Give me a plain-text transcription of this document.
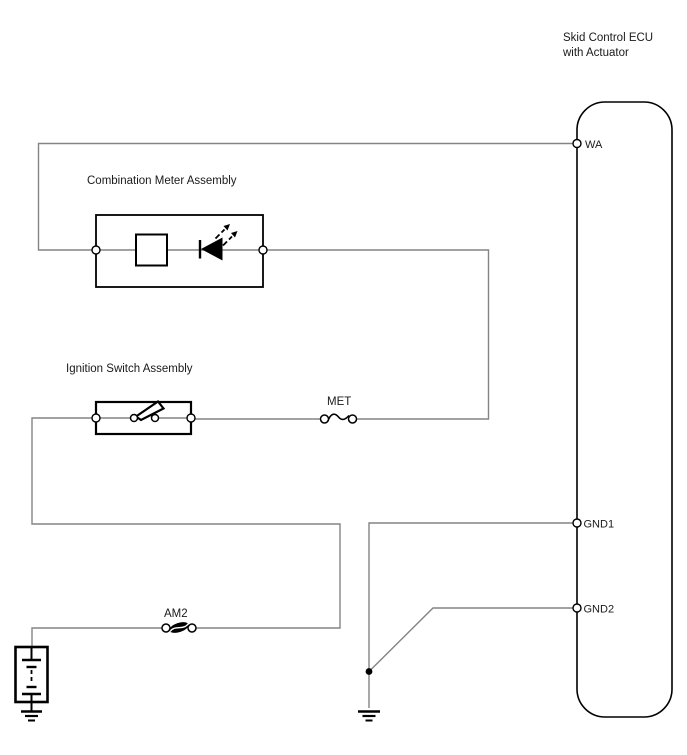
Skid Control ECU
with Actuator
WA
GND1
GND2
Combination Meter Assembly
Ignition Switch Assembly
MET
AM2
